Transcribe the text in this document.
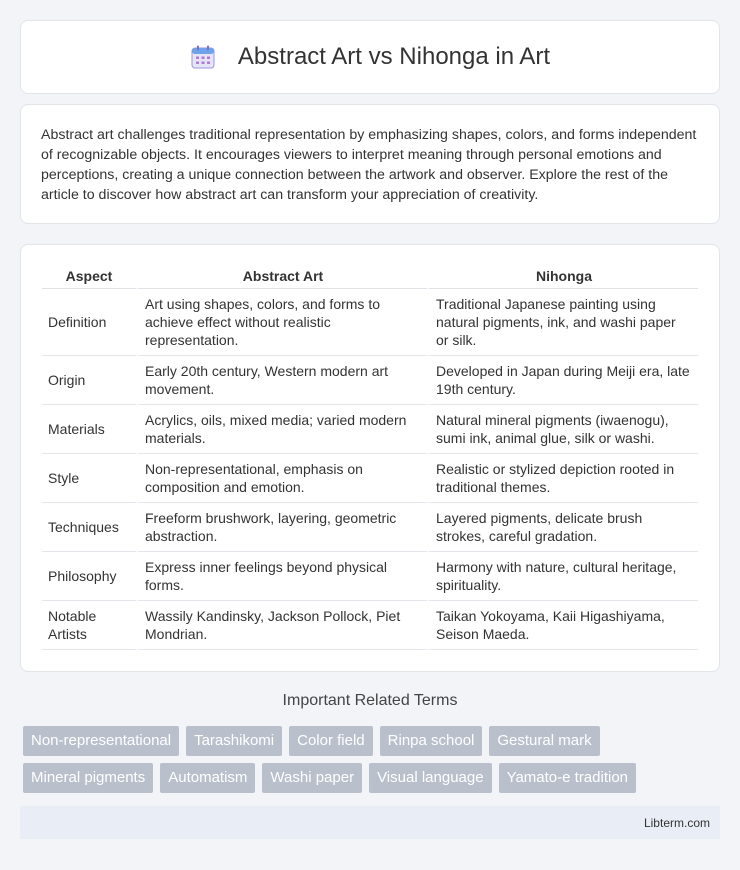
Abstract Art vs Nihonga in Art

Abstract art challenges traditional representation by emphasizing shapes, colors, and forms independent of recognizable objects. It encourages viewers to interpret meaning through personal emotions and perceptions, creating a unique connection between the artwork and observer. Explore the rest of the article to discover how abstract art can transform your appreciation of creativity.

Aspect	Abstract Art	Nihonga
Definition	Art using shapes, colors, and forms to achieve effect without realistic representation.	Traditional Japanese painting using natural pigments, ink, and washi paper or silk.
Origin	Early 20th century, Western modern art movement.	Developed in Japan during Meiji era, late 19th century.
Materials	Acrylics, oils, mixed media; varied modern materials.	Natural mineral pigments (iwaenogu), sumi ink, animal glue, silk or washi.
Style	Non-representational, emphasis on composition and emotion.	Realistic or stylized depiction rooted in traditional themes.
Techniques	Freeform brushwork, layering, geometric abstraction.	Layered pigments, delicate brush strokes, careful gradation.
Philosophy	Express inner feelings beyond physical forms.	Harmony with nature, cultural heritage, spirituality.
Notable Artists	Wassily Kandinsky, Jackson Pollock, Piet Mondrian.	Taikan Yokoyama, Kaii Higashiyama, Seison Maeda.
Important Related Terms
Non-representational	Tarashikomi	Color field	Rinpa school	Gestural mark
Mineral pigments	Automatism	Washi paper	Visual language	Yamato-e tradition
Libterm.com
